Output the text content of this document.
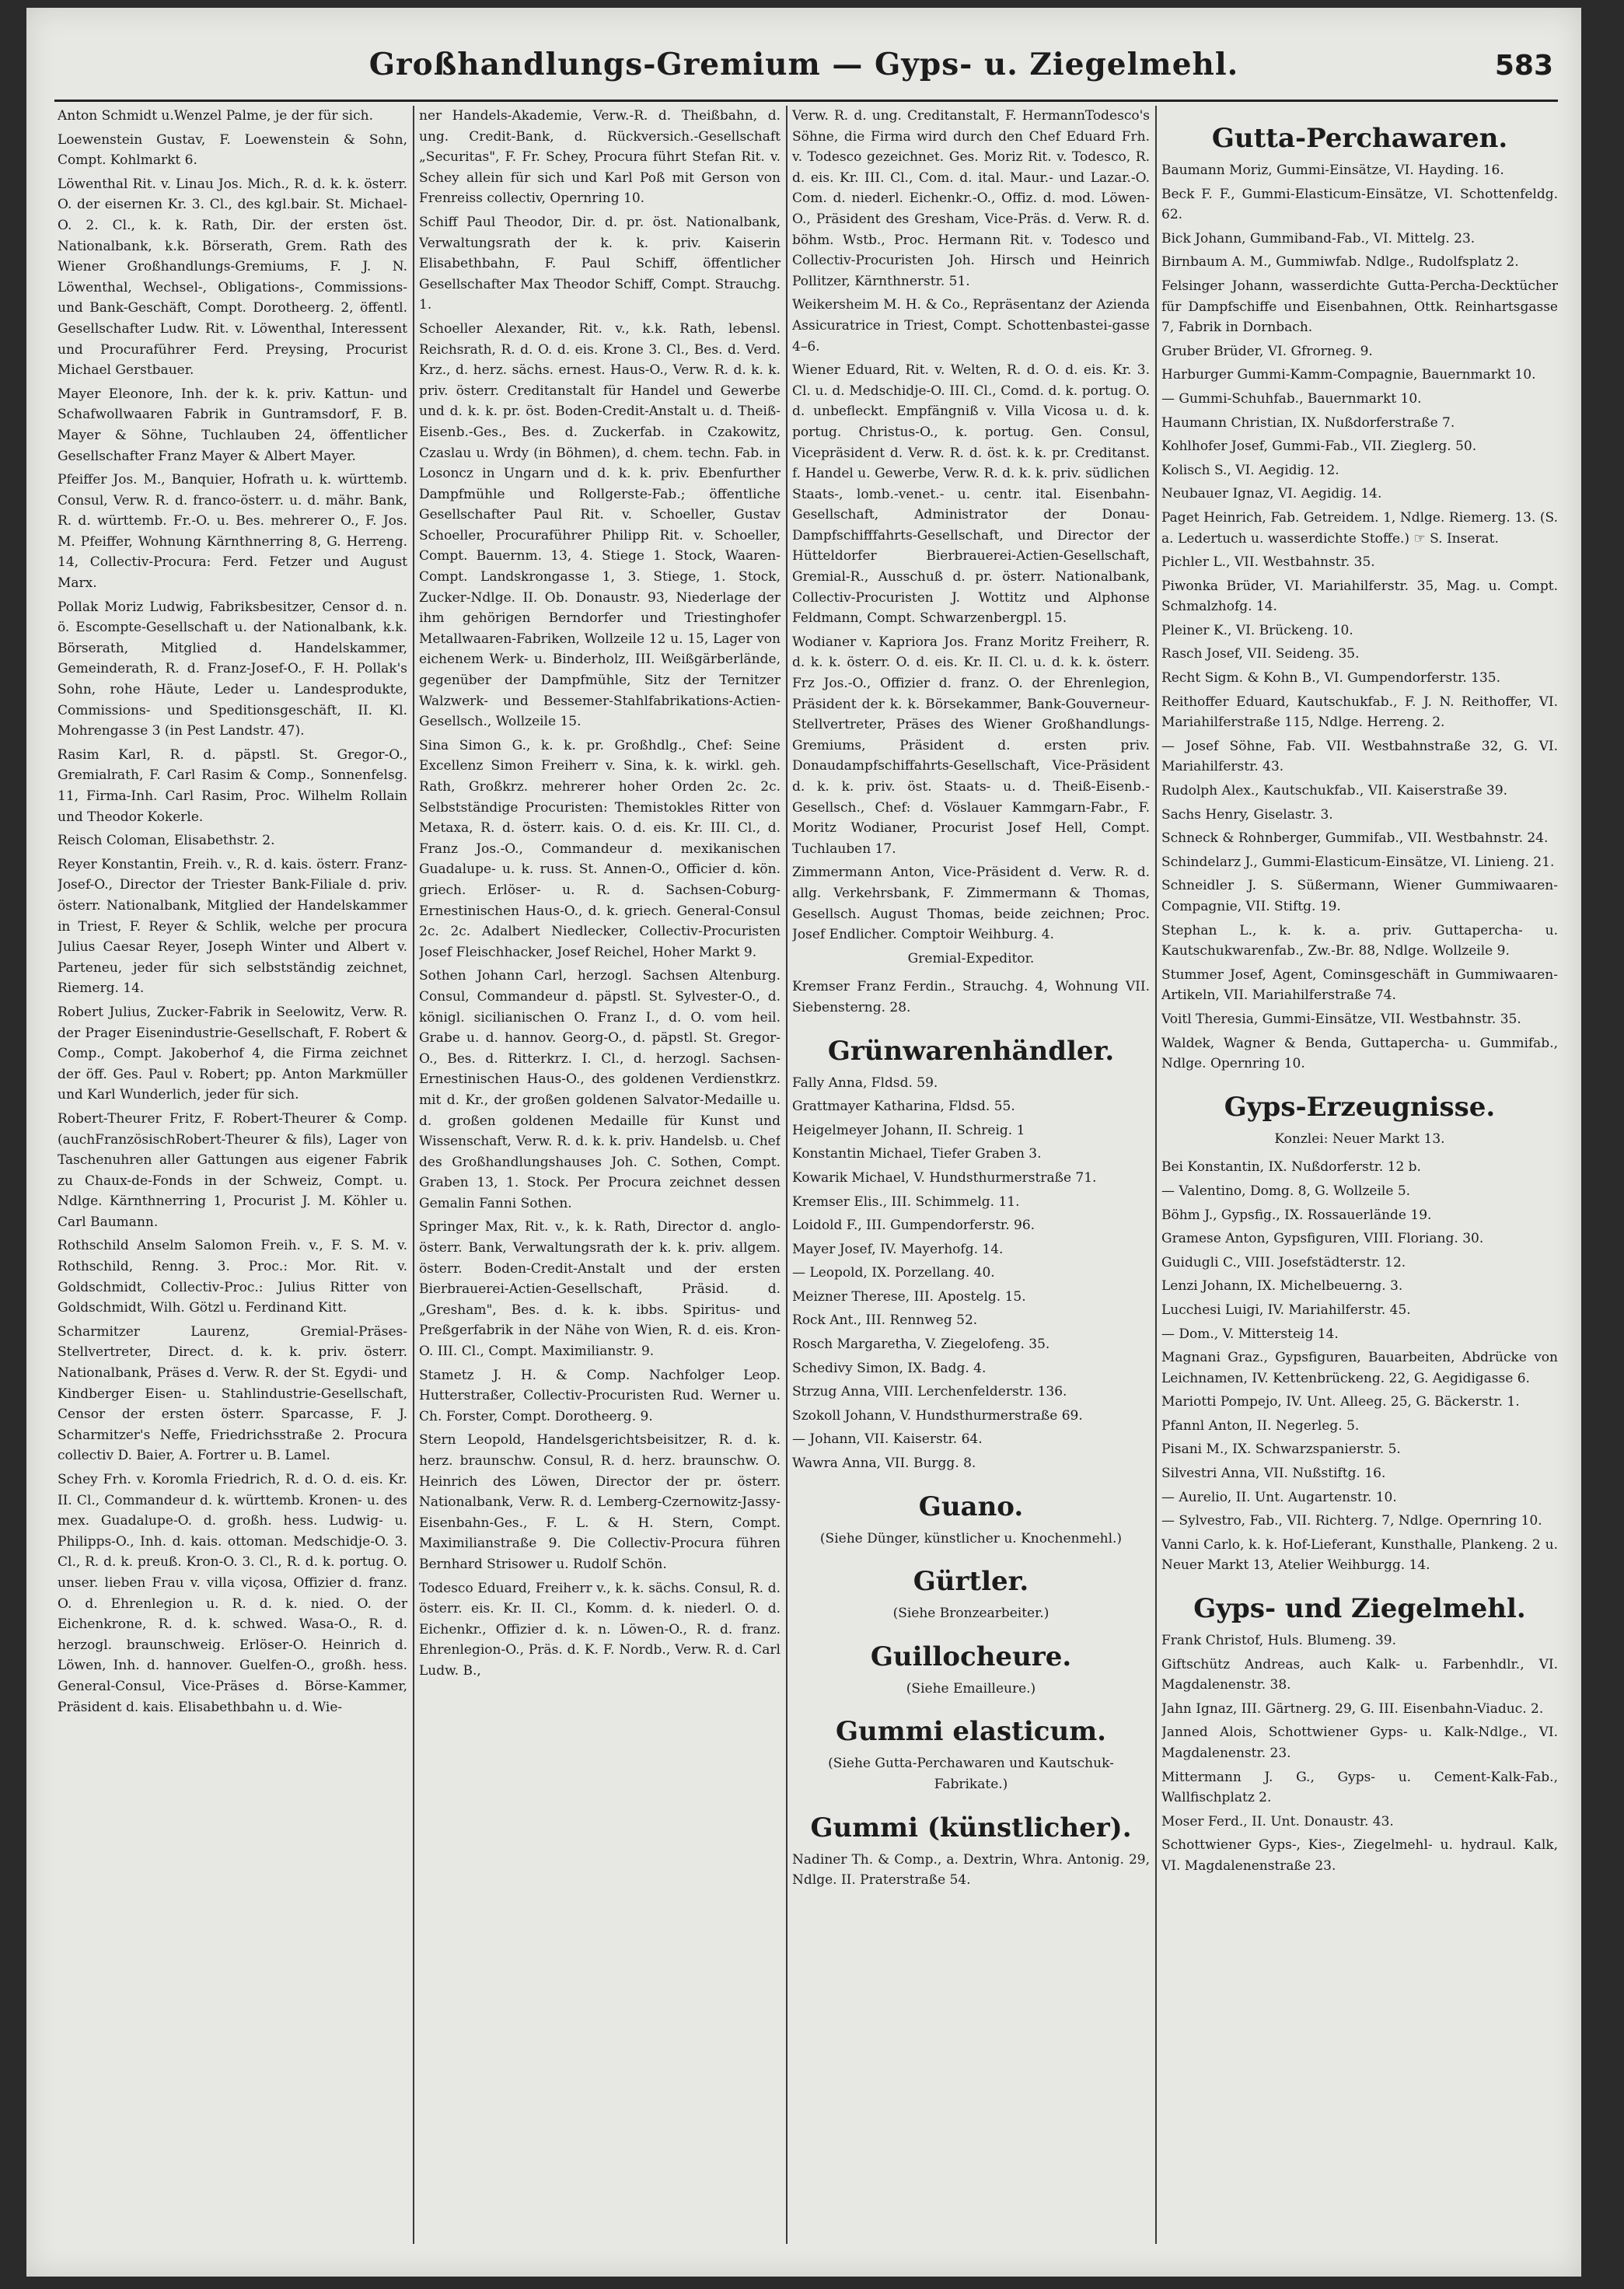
Großhandlungs-Gremium — Gyps- u. Ziegelmehl.	583
Anton Schmidt u.Wenzel Palme, je der für sich.
Loewenstein Gustav, F. Loewenstein & Sohn, Compt. Kohlmarkt 6.
Löwenthal Rit. v. Linau Jos. Mich., R. d. k. k. österr. O. der eisernen Kr. 3. Cl., des kgl.bair. St. Michael-O. 2. Cl., k. k. Rath, Dir. der ersten öst. Nationalbank, k.k. Börserath, Grem. Rath des Wiener Großhandlungs-Gremiums, F. J. N. Löwenthal, Wechsel-, Obligations-, Commissions- und Bank-Geschäft, Compt. Dorotheerg. 2, öffentl. Gesellschafter Ludw. Rit. v. Löwenthal, Interessent und Procuraführer Ferd. Preysing, Procurist Michael Gerstbauer.
Mayer Eleonore, Inh. der k. k. priv. Kattun- und Schafwollwaaren Fabrik in Guntramsdorf, F. B. Mayer & Söhne, Tuchlauben 24, öffentlicher Gesellschafter Franz Mayer & Albert Mayer.
Pfeiffer Jos. M., Banquier, Hofrath u. k. württemb. Consul, Verw. R. d. franco-österr. u. d. mähr. Bank, R. d. württemb. Fr.-O. u. Bes. mehrerer O., F. Jos. M. Pfeiffer, Wohnung Kärnthnerring 8, G. Herreng. 14, Collectiv-Procura: Ferd. Fetzer und August Marx.
Pollak Moriz Ludwig, Fabriksbesitzer, Censor d. n. ö. Escompte-Gesellschaft u. der Nationalbank, k.k. Börserath, Mitglied d. Handelskammer, Gemeinderath, R. d. Franz-Josef-O., F. H. Pollak's Sohn, rohe Häute, Leder u. Landesprodukte, Commissions- und Speditionsgeschäft, II. Kl. Mohrengasse 3 (in Pest Landstr. 47).
Rasim Karl, R. d. päpstl. St. Gregor-O., Gremialrath, F. Carl Rasim & Comp., Sonnenfelsg. 11, Firma-Inh. Carl Rasim, Proc. Wilhelm Rollain und Theodor Kokerle.
Reisch Coloman, Elisabethstr. 2.
Reyer Konstantin, Freih. v., R. d. kais. österr. Franz-Josef-O., Director der Triester Bank-Filiale d. priv. österr. Nationalbank, Mitglied der Handelskammer in Triest, F. Reyer & Schlik, welche per procura Julius Caesar Reyer, Joseph Winter und Albert v. Parteneu, jeder für sich selbstständig zeichnet, Riemerg. 14.
Robert Julius, Zucker-Fabrik in Seelowitz, Verw. R. der Prager Eisenindustrie-Gesellschaft, F. Robert & Comp., Compt. Jakoberhof 4, die Firma zeichnet der öff. Ges. Paul v. Robert; pp. Anton Markmüller und Karl Wunderlich, jeder für sich.
Robert-Theurer Fritz, F. Robert-Theurer & Comp. (auchFranzösischRobert-Theurer & fils), Lager von Taschenuhren aller Gattungen aus eigener Fabrik zu Chaux-de-Fonds in der Schweiz, Compt. u. Ndlge. Kärnthnerring 1, Procurist J. M. Köhler u. Carl Baumann.
Rothschild Anselm Salomon Freih. v., F. S. M. v. Rothschild, Renng. 3. Proc.: Mor. Rit. v. Goldschmidt, Collectiv-Proc.: Julius Ritter von Goldschmidt, Wilh. Götzl u. Ferdinand Kitt.
Scharmitzer Laurenz, Gremial-Präses-Stellvertreter, Direct. d. k. k. priv. österr. Nationalbank, Präses d. Verw. R. der St. Egydi- und Kindberger Eisen- u. Stahlindustrie-Gesellschaft, Censor der ersten österr. Sparcasse, F. J. Scharmitzer's Neffe, Friedrichsstraße 2. Procura collectiv D. Baier, A. Fortrer u. B. Lamel.
Schey Frh. v. Koromla Friedrich, R. d. O. d. eis. Kr. II. Cl., Commandeur d. k. württemb. Kronen- u. des mex. Guadalupe-O. d. großh. hess. Ludwig- u. Philipps-O., Inh. d. kais. ottoman. Medschidje-O. 3. Cl., R. d. k. preuß. Kron-O. 3. Cl., R. d. k. portug. O. unser. lieben Frau v. villa viçosa, Offizier d. franz. O. d. Ehrenlegion u. R. d. k. nied. O. der Eichenkrone, R. d. k. schwed. Wasa-O., R. d. herzogl. braunschweig. Erlöser-O. Heinrich d. Löwen, Inh. d. hannover. Guelfen-O., großh. hess. General-Consul, Vice-Präses d. Börse-Kammer, Präsident d. kais. Elisabethbahn u. d. Wie-
ner Handels-Akademie, Verw.-R. d. Theißbahn, d. ung. Credit-Bank, d. Rückversich.-Gesellschaft „Securitas", F. Fr. Schey, Procura führt Stefan Rit. v. Schey allein für sich und Karl Poß mit Gerson von Frenreiss collectiv, Opernring 10.
Schiff Paul Theodor, Dir. d. pr. öst. Nationalbank, Verwaltungsrath der k. k. priv. Kaiserin Elisabethbahn, F. Paul Schiff, öffentlicher Gesellschafter Max Theodor Schiff, Compt. Strauchg. 1.
Schoeller Alexander, Rit. v., k.k. Rath, lebensl. Reichsrath, R. d. O. d. eis. Krone 3. Cl., Bes. d. Verd. Krz., d. herz. sächs. ernest. Haus-O., Verw. R. d. k. k. priv. österr. Creditanstalt für Handel und Gewerbe und d. k. k. pr. öst. Boden-Credit-Anstalt u. d. Theiß-Eisenb.-Ges., Bes. d. Zuckerfab. in Czakowitz, Czaslau u. Wrdy (in Böhmen), d. chem. techn. Fab. in Losoncz in Ungarn und d. k. k. priv. Ebenfurther Dampfmühle und Rollgerste-Fab.; öffentliche Gesellschafter Paul Rit. v. Schoeller, Gustav Schoeller, Procuraführer Philipp Rit. v. Schoeller, Compt. Bauernm. 13, 4. Stiege 1. Stock, Waaren-Compt. Landskrongasse 1, 3. Stiege, 1. Stock, Zucker-Ndlge. II. Ob. Donaustr. 93, Niederlage der ihm gehörigen Berndorfer und Triestinghofer Metallwaaren-Fabriken, Wollzeile 12 u. 15, Lager von eichenem Werk- u. Binderholz, III. Weißgärberlände, gegenüber der Dampfmühle, Sitz der Ternitzer Walzwerk- und Bessemer-Stahlfabrikations-Actien-Gesellsch., Wollzeile 15.
Sina Simon G., k. k. pr. Großhdlg., Chef: Seine Excellenz Simon Freiherr v. Sina, k. k. wirkl. geh. Rath, Großkrz. mehrerer hoher Orden 2c. 2c. Selbstständige Procuristen: Themistokles Ritter von Metaxa, R. d. österr. kais. O. d. eis. Kr. III. Cl., d. Franz Jos.-O., Commandeur d. mexikanischen Guadalupe- u. k. russ. St. Annen-O., Officier d. kön. griech. Erlöser- u. R. d. Sachsen-Coburg-Ernestinischen Haus-O., d. k. griech. General-Consul 2c. 2c. Adalbert Niedlecker, Collectiv-Procuristen Josef Fleischhacker, Josef Reichel, Hoher Markt 9.
Sothen Johann Carl, herzogl. Sachsen Altenburg. Consul, Commandeur d. päpstl. St. Sylvester-O., d. königl. sicilianischen O. Franz I., d. O. vom heil. Grabe u. d. hannov. Georg-O., d. päpstl. St. Gregor-O., Bes. d. Ritterkrz. I. Cl., d. herzogl. Sachsen-Ernestinischen Haus-O., des goldenen Verdienstkrz. mit d. Kr., der großen goldenen Salvator-Medaille u. d. großen goldenen Medaille für Kunst und Wissenschaft, Verw. R. d. k. k. priv. Handelsb. u. Chef des Großhandlungshauses Joh. C. Sothen, Compt. Graben 13, 1. Stock. Per Procura zeichnet dessen Gemalin Fanni Sothen.
Springer Max, Rit. v., k. k. Rath, Director d. anglo-österr. Bank, Verwaltungsrath der k. k. priv. allgem. österr. Boden-Credit-Anstalt und der ersten Bierbrauerei-Actien-Gesellschaft, Präsid. d. „Gresham", Bes. d. k. k. ibbs. Spiritus- und Preßgerfabrik in der Nähe von Wien, R. d. eis. Kron-O. III. Cl., Compt. Maximilianstr. 9.
Stametz J. H. & Comp. Nachfolger Leop. Hutterstraßer, Collectiv-Procuristen Rud. Werner u. Ch. Forster, Compt. Dorotheerg. 9.
Stern Leopold, Handelsgerichtsbeisitzer, R. d. k. herz. braunschw. Consul, R. d. herz. braunschw. O. Heinrich des Löwen, Director der pr. österr. Nationalbank, Verw. R. d. Lemberg-Czernowitz-Jassy-Eisenbahn-Ges., F. L. & H. Stern, Compt. Maximilianstraße 9. Die Collectiv-Procura führen Bernhard Strisower u. Rudolf Schön.
Todesco Eduard, Freiherr v., k. k. sächs. Consul, R. d. österr. eis. Kr. II. Cl., Komm. d. k. niederl. O. d. Eichenkr., Offizier d. k. n. Löwen-O., R. d. franz. Ehrenlegion-O., Präs. d. K. F. Nordb., Verw. R. d. Carl Ludw. B.,
Verw. R. d. ung. Creditanstalt, F. HermannTodesco's Söhne, die Firma wird durch den Chef Eduard Frh. v. Todesco gezeichnet. Ges. Moriz Rit. v. Todesco, R. d. eis. Kr. III. Cl., Com. d. ital. Maur.- und Lazar.-O. Com. d. niederl. Eichenkr.-O., Offiz. d. mod. Löwen-O., Präsident des Gresham, Vice-Präs. d. Verw. R. d. böhm. Wstb., Proc. Hermann Rit. v. Todesco und Collectiv-Procuristen Joh. Hirsch und Heinrich Pollitzer, Kärnthnerstr. 51.
Weikersheim M. H. & Co., Repräsentanz der Azienda Assicuratrice in Triest, Compt. Schottenbastei-gasse 4–6.
Wiener Eduard, Rit. v. Welten, R. d. O. d. eis. Kr. 3. Cl. u. d. Medschidje-O. III. Cl., Comd. d. k. portug. O. d. unbefleckt. Empfängniß v. Villa Vicosa u. d. k. portug. Christus-O., k. portug. Gen. Consul, Vicepräsident d. Verw. R. d. öst. k. k. pr. Creditanst. f. Handel u. Gewerbe, Verw. R. d. k. k. priv. südlichen Staats-, lomb.-venet.- u. centr. ital. Eisenbahn-Gesellschaft, Administrator der Donau-Dampfschifffahrts-Gesellschaft, und Director der Hütteldorfer Bierbrauerei-Actien-Gesellschaft, Gremial-R., Ausschuß d. pr. österr. Nationalbank, Collectiv-Procuristen J. Wottitz und Alphonse Feldmann, Compt. Schwarzenbergpl. 15.
Wodianer v. Kapriora Jos. Franz Moritz Freiherr, R. d. k. k. österr. O. d. eis. Kr. II. Cl. u. d. k. k. österr. Frz Jos.-O., Offizier d. franz. O. der Ehrenlegion, Präsident der k. k. Börsekammer, Bank-Gouverneur-Stellvertreter, Präses des Wiener Großhandlungs-Gremiums, Präsident d. ersten priv. Donaudampfschiffahrts-Gesellschaft, Vice-Präsident d. k. k. priv. öst. Staats- u. d. Theiß-Eisenb.-Gesellsch., Chef: d. Vöslauer Kammgarn-Fabr., F. Moritz Wodianer, Procurist Josef Hell, Compt. Tuchlauben 17.
Zimmermann Anton, Vice-Präsident d. Verw. R. d. allg. Verkehrsbank, F. Zimmermann & Thomas, Gesellsch. August Thomas, beide zeichnen; Proc. Josef Endlicher. Comptoir Weihburg. 4.
Gremial-Expeditor.
Kremser Franz Ferdin., Strauchg. 4, Wohnung VII. Siebensterng. 28.
Grünwarenhändler.
Fally Anna, Fldsd. 59.
Grattmayer Katharina, Fldsd. 55.
Heigelmeyer Johann, II. Schreig. 1
Konstantin Michael, Tiefer Graben 3.
Kowarik Michael, V. Hundsthurmerstraße 71.
Kremser Elis., III. Schimmelg. 11.
Loidold F., III. Gumpendorferstr. 96.
Mayer Josef, IV. Mayerhofg. 14.
— Leopold, IX. Porzellang. 40.
Meizner Therese, III. Apostelg. 15.
Rock Ant., III. Rennweg 52.
Rosch Margaretha, V. Ziegelofeng. 35.
Schedivy Simon, IX. Badg. 4.
Strzug Anna, VIII. Lerchenfelderstr. 136.
Szokoll Johann, V. Hundsthurmerstraße 69.
— Johann, VII. Kaiserstr. 64.
Wawra Anna, VII. Burgg. 8.
Guano.
(Siehe Dünger, künstlicher u. Knochenmehl.)
Gürtler.
(Siehe Bronzearbeiter.)
Guillocheure.
(Siehe Emailleure.)
Gummi elasticum.
(Siehe Gutta-Perchawaren und Kautschuk-Fabrikate.)
Gummi (künstlicher).
Nadiner Th. & Comp., a. Dextrin, Whra. Antonig. 29, Ndlge. II. Praterstraße 54.
Gutta-Perchawaren.
Baumann Moriz, Gummi-Einsätze, VI. Hayding. 16.
Beck F. F., Gummi-Elasticum-Einsätze, VI. Schottenfeldg. 62.
Bick Johann, Gummiband-Fab., VI. Mittelg. 23.
Birnbaum A. M., Gummiwfab. Ndlge., Rudolfsplatz 2.
Felsinger Johann, wasserdichte Gutta-Percha-Decktücher für Dampfschiffe und Eisenbahnen, Ottk. Reinhartsgasse 7, Fabrik in Dornbach.
Gruber Brüder, VI. Gfrorneg. 9.
Harburger Gummi-Kamm-Compagnie, Bauernmarkt 10.
— Gummi-Schuhfab., Bauernmarkt 10.
Haumann Christian, IX. Nußdorferstraße 7.
Kohlhofer Josef, Gummi-Fab., VII. Zieglerg. 50.
Kolisch S., VI. Aegidig. 12.
Neubauer Ignaz, VI. Aegidig. 14.
Paget Heinrich, Fab. Getreidem. 1, Ndlge. Riemerg. 13. (S. a. Ledertuch u. wasserdichte Stoffe.) ☞ S. Inserat.
Pichler L., VII. Westbahnstr. 35.
Piwonka Brüder, VI. Mariahilferstr. 35, Mag. u. Compt. Schmalzhofg. 14.
Pleiner K., VI. Brückeng. 10.
Rasch Josef, VII. Seideng. 35.
Recht Sigm. & Kohn B., VI. Gumpendorferstr. 135.
Reithoffer Eduard, Kautschukfab., F. J. N. Reithoffer, VI. Mariahilferstraße 115, Ndlge. Herreng. 2.
— Josef Söhne, Fab. VII. Westbahnstraße 32, G. VI. Mariahilferstr. 43.
Rudolph Alex., Kautschukfab., VII. Kaiserstraße 39.
Sachs Henry, Giselastr. 3.
Schneck & Rohnberger, Gummifab., VII. Westbahnstr. 24.
Schindelarz J., Gummi-Elasticum-Einsätze, VI. Linieng. 21.
Schneidler J. S. Süßermann, Wiener Gummiwaaren-Compagnie, VII. Stiftg. 19.
Stephan L., k. k. a. priv. Guttapercha- u. Kautschukwarenfab., Zw.-Br. 88, Ndlge. Wollzeile 9.
Stummer Josef, Agent, Cominsgeschäft in Gummiwaaren-Artikeln, VII. Mariahilferstraße 74.
Voitl Theresia, Gummi-Einsätze, VII. Westbahnstr. 35.
Waldek, Wagner & Benda, Guttapercha- u. Gummifab., Ndlge. Opernring 10.
Gyps-Erzeugnisse.
Konzlei: Neuer Markt 13.
Bei Konstantin, IX. Nußdorferstr. 12 b.
— Valentino, Domg. 8, G. Wollzeile 5.
Böhm J., Gypsfig., IX. Rossauerlände 19.
Gramese Anton, Gypsfiguren, VIII. Floriang. 30.
Guidugli C., VIII. Josefstädterstr. 12.
Lenzi Johann, IX. Michelbeuerng. 3.
Lucchesi Luigi, IV. Mariahilferstr. 45.
— Dom., V. Mittersteig 14.
Magnani Graz., Gypsfiguren, Bauarbeiten, Abdrücke von Leichnamen, IV. Kettenbrückeng. 22, G. Aegidigasse 6.
Mariotti Pompejo, IV. Unt. Alleeg. 25, G. Bäckerstr. 1.
Pfannl Anton, II. Negerleg. 5.
Pisani M., IX. Schwarzspanierstr. 5.
Silvestri Anna, VII. Nußstiftg. 16.
— Aurelio, II. Unt. Augartenstr. 10.
— Sylvestro, Fab., VII. Richterg. 7, Ndlge. Opernring 10.
Vanni Carlo, k. k. Hof-Lieferant, Kunsthalle, Plankeng. 2 u. Neuer Markt 13, Atelier Weihburgg. 14.
Gyps- und Ziegelmehl.
Frank Christof, Huls. Blumeng. 39.
Giftschütz Andreas, auch Kalk- u. Farbenhdlr., VI. Magdalenenstr. 38.
Jahn Ignaz, III. Gärtnerg. 29, G. III. Eisenbahn-Viaduc. 2.
Janned Alois, Schottwiener Gyps- u. Kalk-Ndlge., VI. Magdalenenstr. 23.
Mittermann J. G., Gyps- u. Cement-Kalk-Fab., Wallfischplatz 2.
Moser Ferd., II. Unt. Donaustr. 43.
Schottwiener Gyps-, Kies-, Ziegelmehl- u. hydraul. Kalk, VI. Magdalenenstraße 23.
